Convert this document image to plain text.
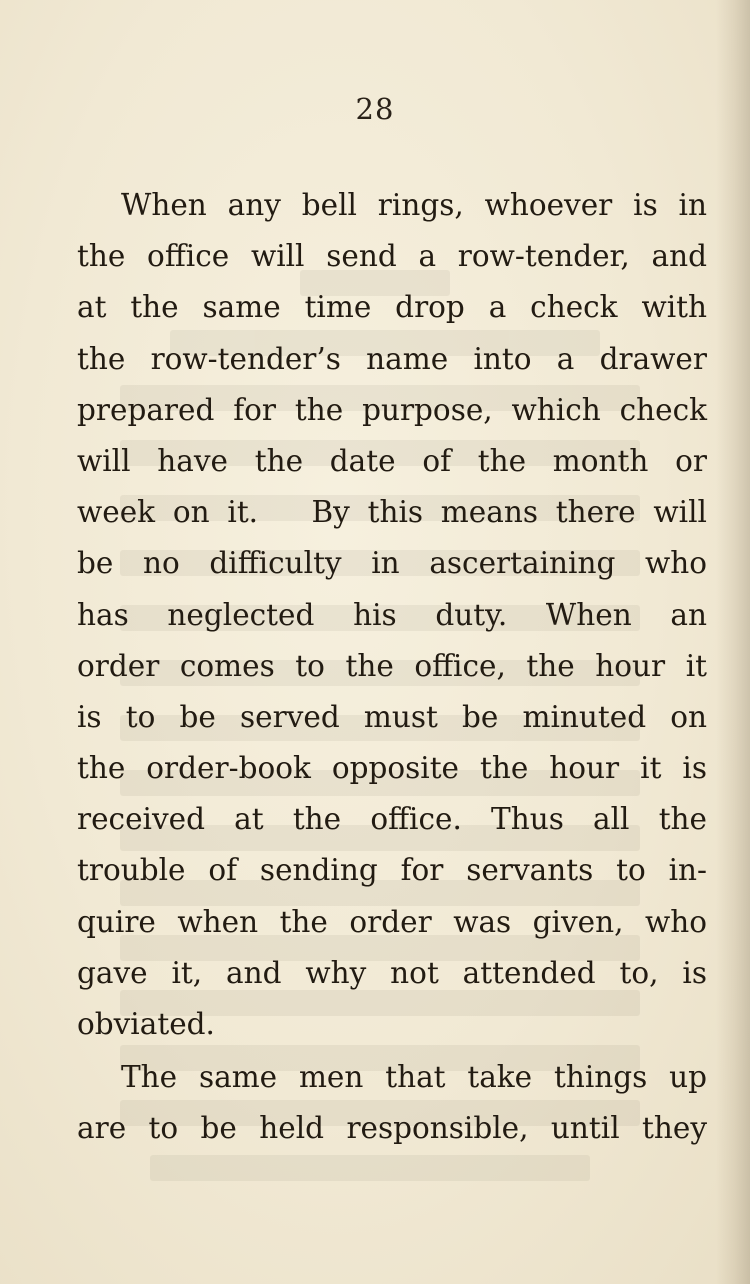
28
When any bell rings, whoever is in
the office will send a row-tender, and
at the same time drop a check with
the row-tender’s name into a drawer
prepared for the purpose, which check
will have the date of the month or
week on it.   By this means there will
be no difficulty in ascertaining who
has neglected his duty. When an
order comes to the office, the hour it
is to be served must be minuted on
the order-book opposite the hour it is
received at the office. Thus all the
trouble of sending for servants to in-
quire when the order was given, who
gave it, and why not attended to, is
obviated.
The same men that take things up
are to be held responsible, until they
